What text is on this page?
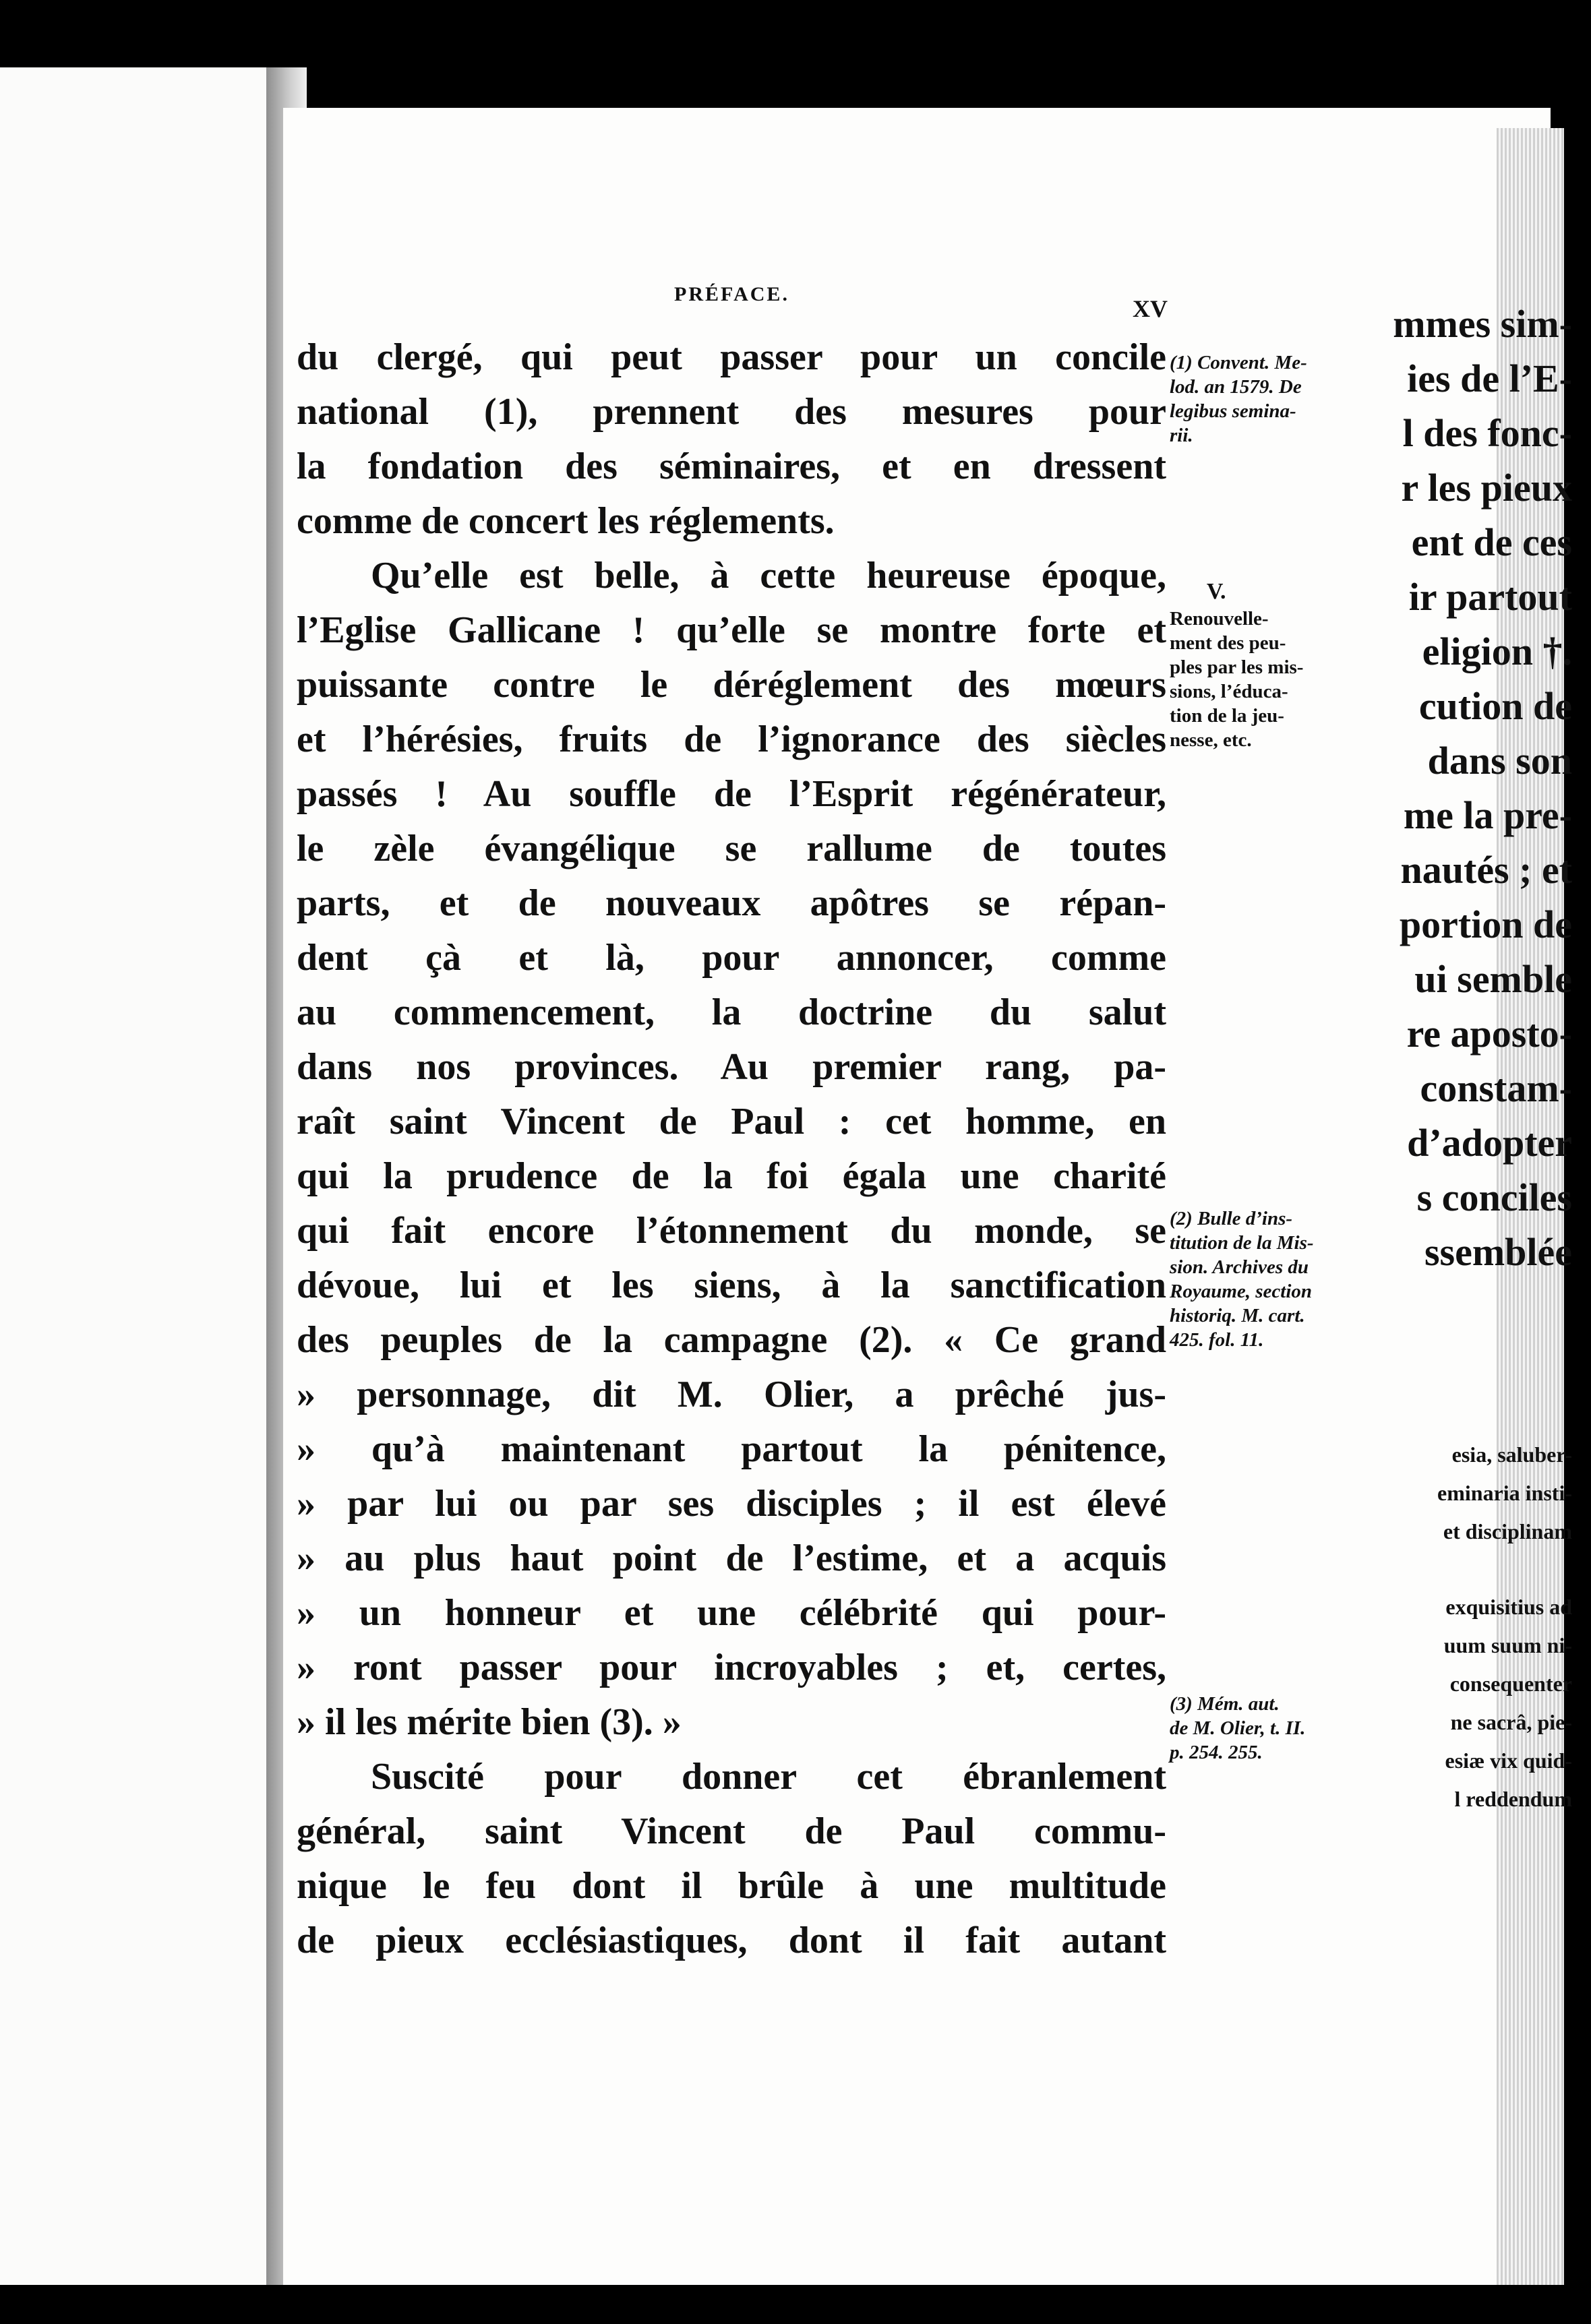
mmes sim-
ies de l’E-
l des fonc-
r les pieux
ent de ces
ir partout
eligion †.
cution de
dans son
me la pre-
nautés ; et
portion de
ui semble
re aposto-
constam-
d’adopter
s conciles
ssemblée
esia, saluber-
eminaria insti-
et disciplinam
exquisitius ad
uum suum ni-
consequenter
ne sacrâ, pie-
esiæ vix quid-
l reddendum
PRÉFACE.
XV
du clergé, qui peut passer pour un concile
national (1), prennent des mesures pour
la fondation des séminaires, et en dressent
comme de concert les réglements.
Qu’elle est belle, à cette heureuse époque,
l’Eglise Gallicane ! qu’elle se montre forte et
puissante contre le déréglement des mœurs
et l’hérésies, fruits de l’ignorance des siècles
passés ! Au souffle de l’Esprit régénérateur,
le zèle évangélique se rallume de toutes
parts, et de nouveaux apôtres se répan-
dent çà et là, pour annoncer, comme
au commencement, la doctrine du salut
dans nos provinces. Au premier rang, pa-
raît saint Vincent de Paul : cet homme, en
qui la prudence de la foi égala une charité
qui fait encore l’étonnement du monde, se
dévoue, lui et les siens, à la sanctification
des peuples de la campagne (2). « Ce grand
» personnage, dit M. Olier, a prêché jus-
» qu’à maintenant partout la pénitence,
» par lui ou par ses disciples ; il est élevé
» au plus haut point de l’estime, et a acquis
» un honneur et une célébrité qui pour-
» ront passer pour incroyables ; et, certes,
» il les mérite bien (3). »
Suscité pour donner cet ébranlement
général, saint Vincent de Paul commu-
nique le feu dont il brûle à une multitude
de pieux ecclésiastiques, dont il fait autant
(1) Convent. Me-
lod. an 1579. De
legibus semina-
rii.
V.
Renouvelle-
ment des peu-
ples par les mis-
sions, l’éduca-
tion de la jeu-
nesse, etc.
(2) Bulle d’ins-
titution de la Mis-
sion. Archives du
Royaume, section
historiq. M. cart.
425. fol. 11.
(3) Mém. aut.
de M. Olier, t. II.
p. 254. 255.
